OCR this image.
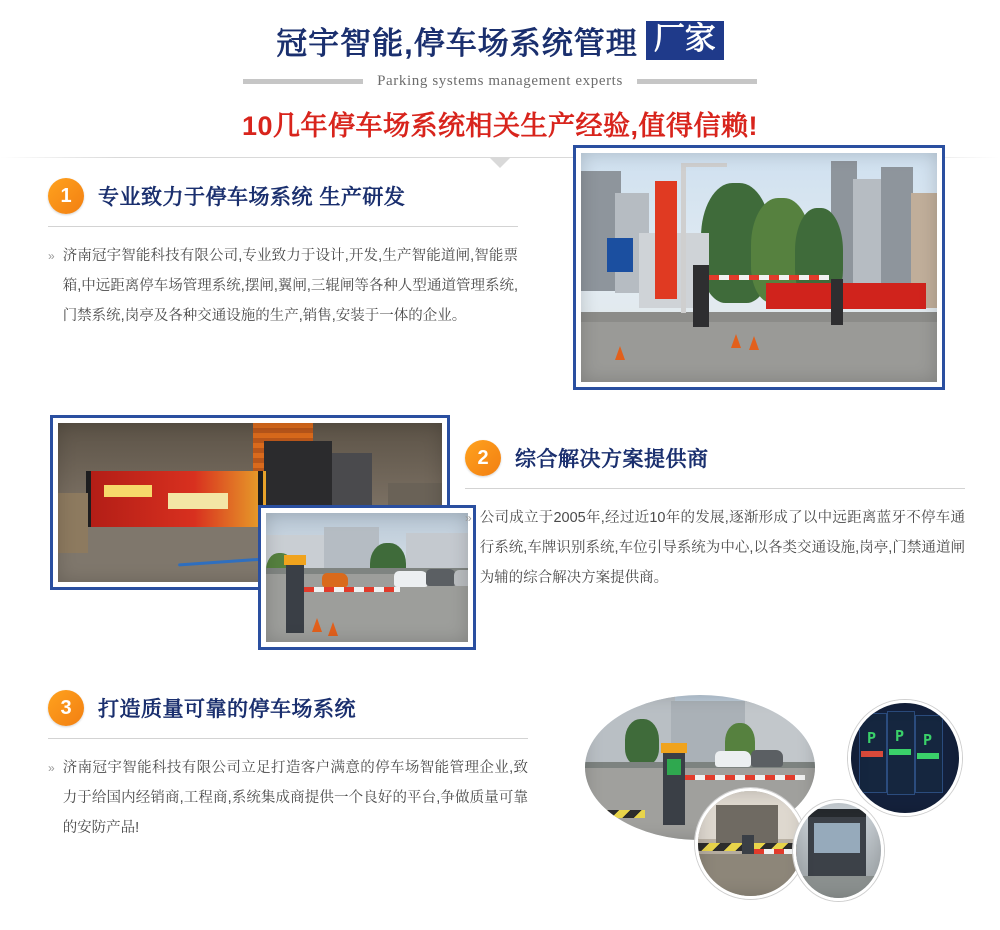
冠宇智能,停车场系统管理 厂家
Parking systems management experts
10几年停车场系统相关生产经验,值得信赖!
1	专业致力于停车场系统 生产研发
» 济南冠宇智能科技有限公司,专业致力于设计,开发,生产智能道闸,智能票箱,中远距离停车场管理系统,摆闸,翼闸,三辊闸等各种人型通道管理系统,门禁系统,岗亭及各种交通设施的生产,销售,安装于一体的企业。
2	综合解决方案提供商
» 公司成立于2005年,经过近10年的发展,逐渐形成了以中远距离蓝牙不停车通行系统,车牌识别系统,车位引导系统为中心,以各类交通设施,岗亭,门禁通道闸为辅的综合解决方案提供商。
3	打造质量可靠的停车场系统
» 济南冠宇智能科技有限公司立足打造客户满意的停车场智能管理企业,致力于给国内经销商,工程商,系统集成商提供一个良好的平台,争做质量可靠的安防产品!
P P P
